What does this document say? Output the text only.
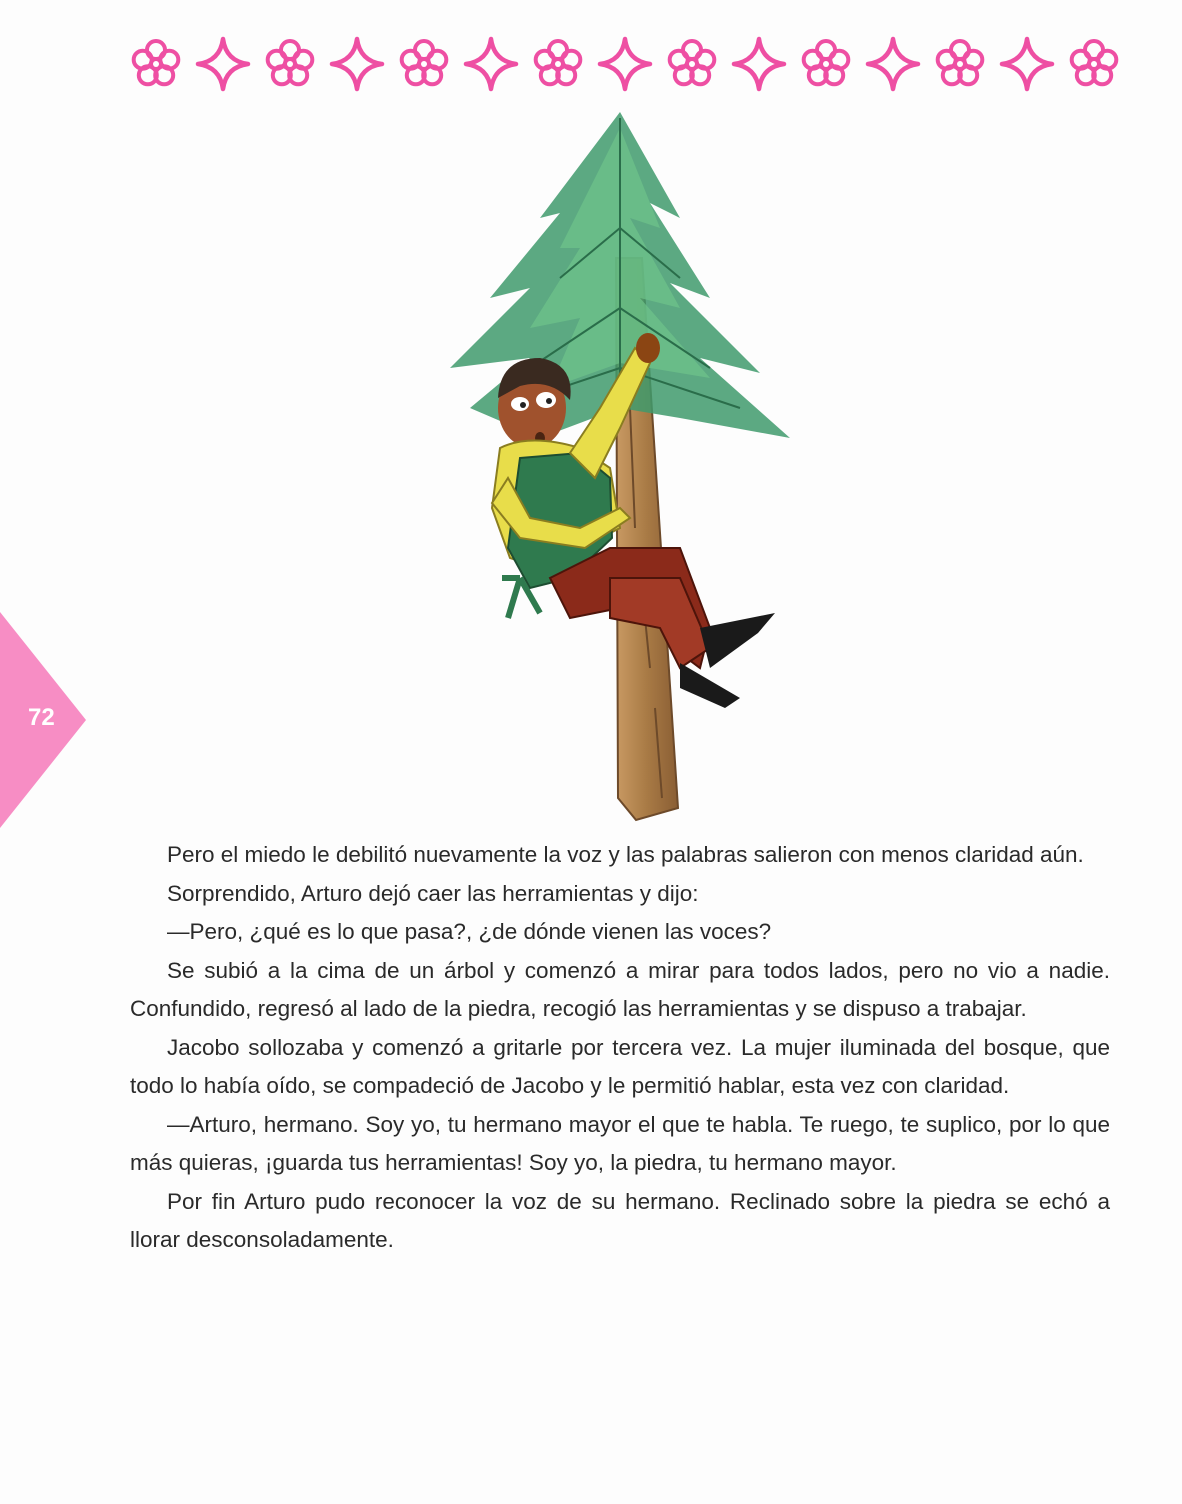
72

Pero el miedo le debilitó nuevamente la voz y las palabras salieron con menos claridad aún.

Sorprendido, Arturo dejó caer las herramientas y dijo:

—Pero, ¿qué es lo que pasa?, ¿de dónde vienen las voces?

Se subió a la cima de un árbol y comenzó a mirar para todos lados, pero no vio a nadie. Confundido, regresó al lado de la piedra, recogió las herramientas y se dispuso a trabajar.

Jacobo sollozaba y comenzó a gritarle por tercera vez. La mujer iluminada del bosque, que todo lo había oído, se compadeció de Jacobo y le permitió hablar, esta vez con claridad.

—Arturo, hermano. Soy yo, tu hermano mayor el que te habla. Te ruego, te suplico, por lo que más quieras, ¡guarda tus herramientas! Soy yo, la piedra, tu hermano mayor.

Por fin Arturo pudo reconocer la voz de su hermano. Reclinado sobre la piedra se echó a llorar desconsoladamente.
